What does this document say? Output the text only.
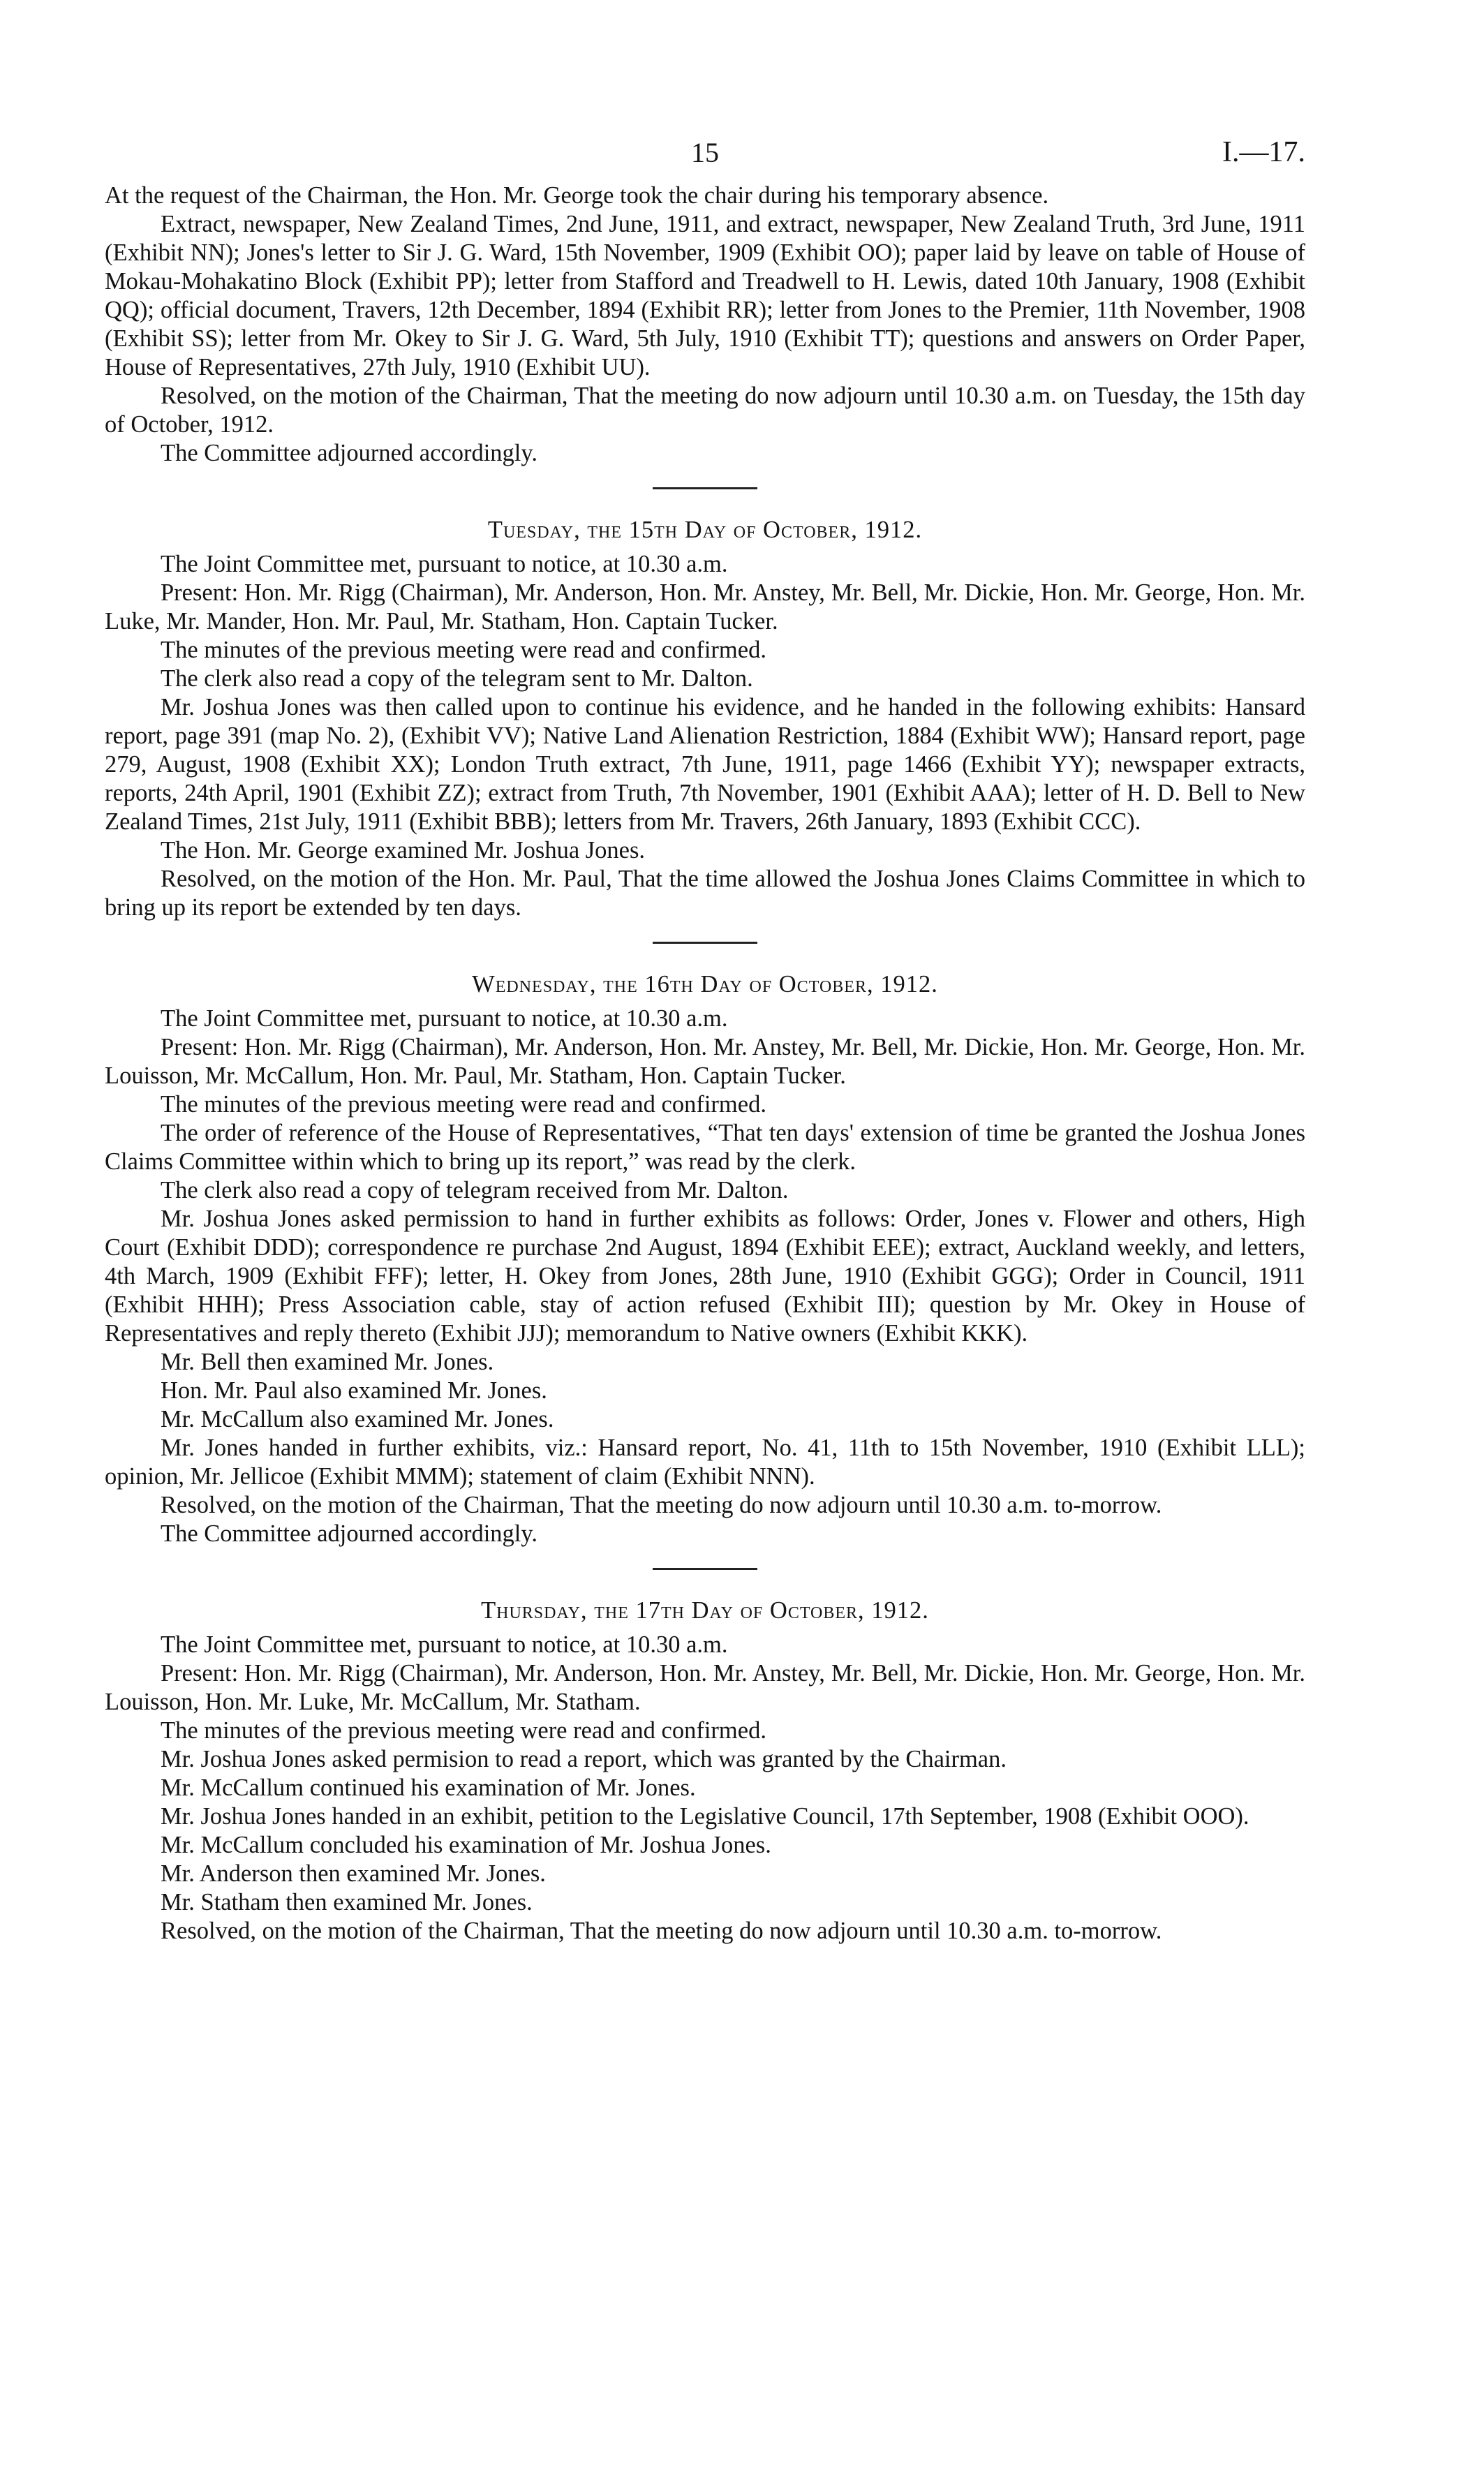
15	I.—17.

At the request of the Chairman, the Hon. Mr. George took the chair during his temporary absence.

Extract, newspaper, New Zealand Times, 2nd June, 1911, and extract, newspaper, New Zealand Truth, 3rd June, 1911 (Exhibit NN); Jones's letter to Sir J. G. Ward, 15th November, 1909 (Exhibit OO); paper laid by leave on table of House of Mokau-Mohakatino Block (Exhibit PP); letter from Stafford and Treadwell to H. Lewis, dated 10th January, 1908 (Exhibit QQ); official document, Travers, 12th December, 1894 (Exhibit RR); letter from Jones to the Premier, 11th November, 1908 (Exhibit SS); letter from Mr. Okey to Sir J. G. Ward, 5th July, 1910 (Exhibit TT); questions and answers on Order Paper, House of Representatives, 27th July, 1910 (Exhibit UU).

Resolved, on the motion of the Chairman, That the meeting do now adjourn until 10.30 a.m. on Tuesday, the 15th day of October, 1912.

The Committee adjourned accordingly.

Tuesday, the 15th Day of October, 1912.

The Joint Committee met, pursuant to notice, at 10.30 a.m.

Present: Hon. Mr. Rigg (Chairman), Mr. Anderson, Hon. Mr. Anstey, Mr. Bell, Mr. Dickie, Hon. Mr. George, Hon. Mr. Luke, Mr. Mander, Hon. Mr. Paul, Mr. Statham, Hon. Captain Tucker.

The minutes of the previous meeting were read and confirmed.

The clerk also read a copy of the telegram sent to Mr. Dalton.

Mr. Joshua Jones was then called upon to continue his evidence, and he handed in the following exhibits: Hansard report, page 391 (map No. 2), (Exhibit VV); Native Land Alienation Restriction, 1884 (Exhibit WW); Hansard report, page 279, August, 1908 (Exhibit XX); London Truth extract, 7th June, 1911, page 1466 (Exhibit YY); newspaper extracts, reports, 24th April, 1901 (Exhibit ZZ); extract from Truth, 7th November, 1901 (Exhibit AAA); letter of H. D. Bell to New Zealand Times, 21st July, 1911 (Exhibit BBB); letters from Mr. Travers, 26th January, 1893 (Exhibit CCC).

The Hon. Mr. George examined Mr. Joshua Jones.

Resolved, on the motion of the Hon. Mr. Paul, That the time allowed the Joshua Jones Claims Committee in which to bring up its report be extended by ten days.

Wednesday, the 16th Day of October, 1912.

The Joint Committee met, pursuant to notice, at 10.30 a.m.

Present: Hon. Mr. Rigg (Chairman), Mr. Anderson, Hon. Mr. Anstey, Mr. Bell, Mr. Dickie, Hon. Mr. George, Hon. Mr. Louisson, Mr. McCallum, Hon. Mr. Paul, Mr. Statham, Hon. Captain Tucker.

The minutes of the previous meeting were read and confirmed.

The order of reference of the House of Representatives, “That ten days' extension of time be granted the Joshua Jones Claims Committee within which to bring up its report,” was read by the clerk.

The clerk also read a copy of telegram received from Mr. Dalton.

Mr. Joshua Jones asked permission to hand in further exhibits as follows: Order, Jones v. Flower and others, High Court (Exhibit DDD); correspondence re purchase 2nd August, 1894 (Exhibit EEE); extract, Auckland weekly, and letters, 4th March, 1909 (Exhibit FFF); letter, H. Okey from Jones, 28th June, 1910 (Exhibit GGG); Order in Council, 1911 (Exhibit HHH); Press Association cable, stay of action refused (Exhibit III); question by Mr. Okey in House of Representatives and reply thereto (Exhibit JJJ); memorandum to Native owners (Exhibit KKK).

Mr. Bell then examined Mr. Jones.

Hon. Mr. Paul also examined Mr. Jones.

Mr. McCallum also examined Mr. Jones.

Mr. Jones handed in further exhibits, viz.: Hansard report, No. 41, 11th to 15th November, 1910 (Exhibit LLL); opinion, Mr. Jellicoe (Exhibit MMM); statement of claim (Exhibit NNN).

Resolved, on the motion of the Chairman, That the meeting do now adjourn until 10.30 a.m. to-morrow.

The Committee adjourned accordingly.

Thursday, the 17th Day of October, 1912.

The Joint Committee met, pursuant to notice, at 10.30 a.m.

Present: Hon. Mr. Rigg (Chairman), Mr. Anderson, Hon. Mr. Anstey, Mr. Bell, Mr. Dickie, Hon. Mr. George, Hon. Mr. Louisson, Hon. Mr. Luke, Mr. McCallum, Mr. Statham.

The minutes of the previous meeting were read and confirmed.

Mr. Joshua Jones asked permision to read a report, which was granted by the Chairman.

Mr. McCallum continued his examination of Mr. Jones.

Mr. Joshua Jones handed in an exhibit, petition to the Legislative Council, 17th September, 1908 (Exhibit OOO).

Mr. McCallum concluded his examination of Mr. Joshua Jones.

Mr. Anderson then examined Mr. Jones.

Mr. Statham then examined Mr. Jones.

Resolved, on the motion of the Chairman, That the meeting do now adjourn until 10.30 a.m. to-morrow.
